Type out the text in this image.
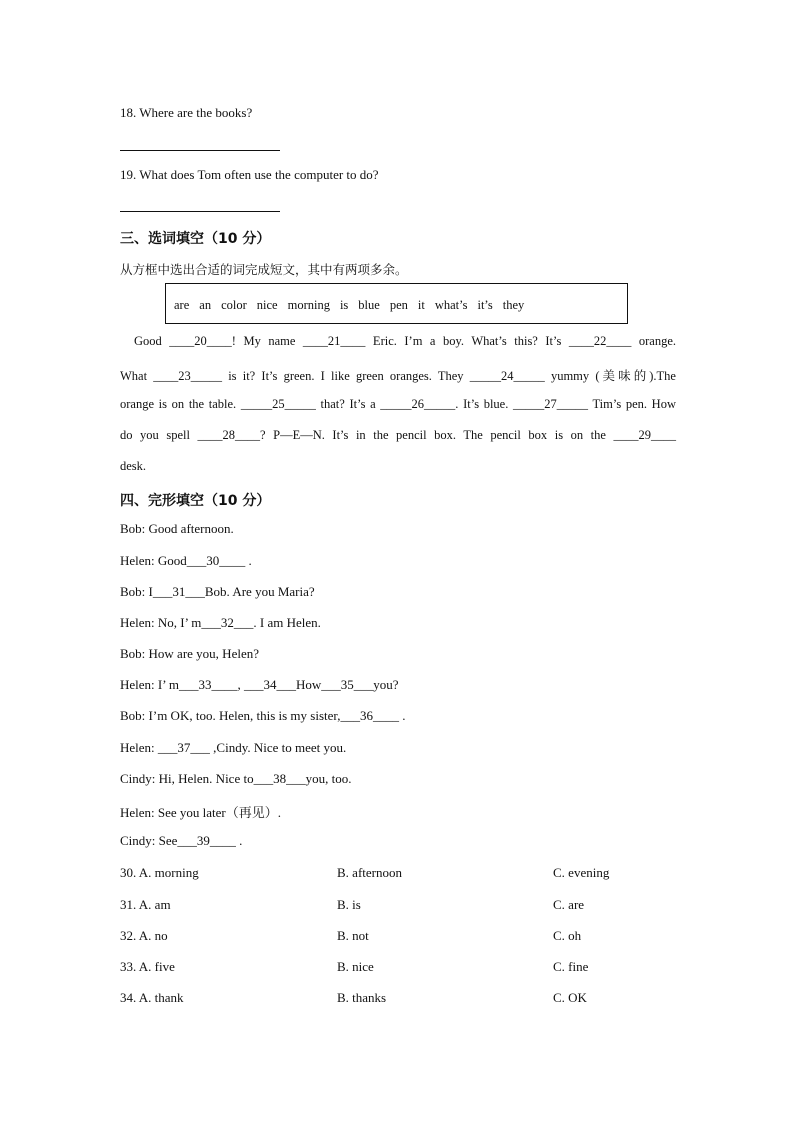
18. Where are the books?
19. What does Tom often use the computer to do?
三、选词填空（10 分）
从方框中选出合适的词完成短文，其中有两项多余。
are an color nice morning is blue pen it what’s it’s they
Good ____20____! My name ____21____ Eric. I’m a boy. What’s this? It’s ____22____ orange.
What ____23_____ is it? It’s green. I like green oranges. They _____24_____ yummy (美味的).The
orange is on the table. _____25_____ that? It’s a _____26_____. It’s blue. _____27_____ Tim’s pen. How
do you spell ____28____? P—E—N. It’s in the pencil box. The pencil box is on the ____29____
desk.
四、完形填空（10 分）
Bob: Good afternoon.
Helen: Good___30____ .
Bob: I___31___Bob. Are you Maria?
Helen: No, I’ m___32___. I am Helen.
Bob: How are you, Helen?
Helen: I’ m___33____, ___34___How___35___you?
Bob: I’m OK, too. Helen, this is my sister,___36____ .
Helen: ___37___ ,Cindy. Nice to meet you.
Cindy: Hi, Helen. Nice to___38___you, too.
Helen: See you later（再见）.
Cindy: See___39____ .
30. A. morning	B. afternoon	C. evening
31. A. am	B. is	C. are
32. A. no	B. not	C. oh
33. A. five	B. nice	C. fine
34. A. thank	B. thanks	C. OK
